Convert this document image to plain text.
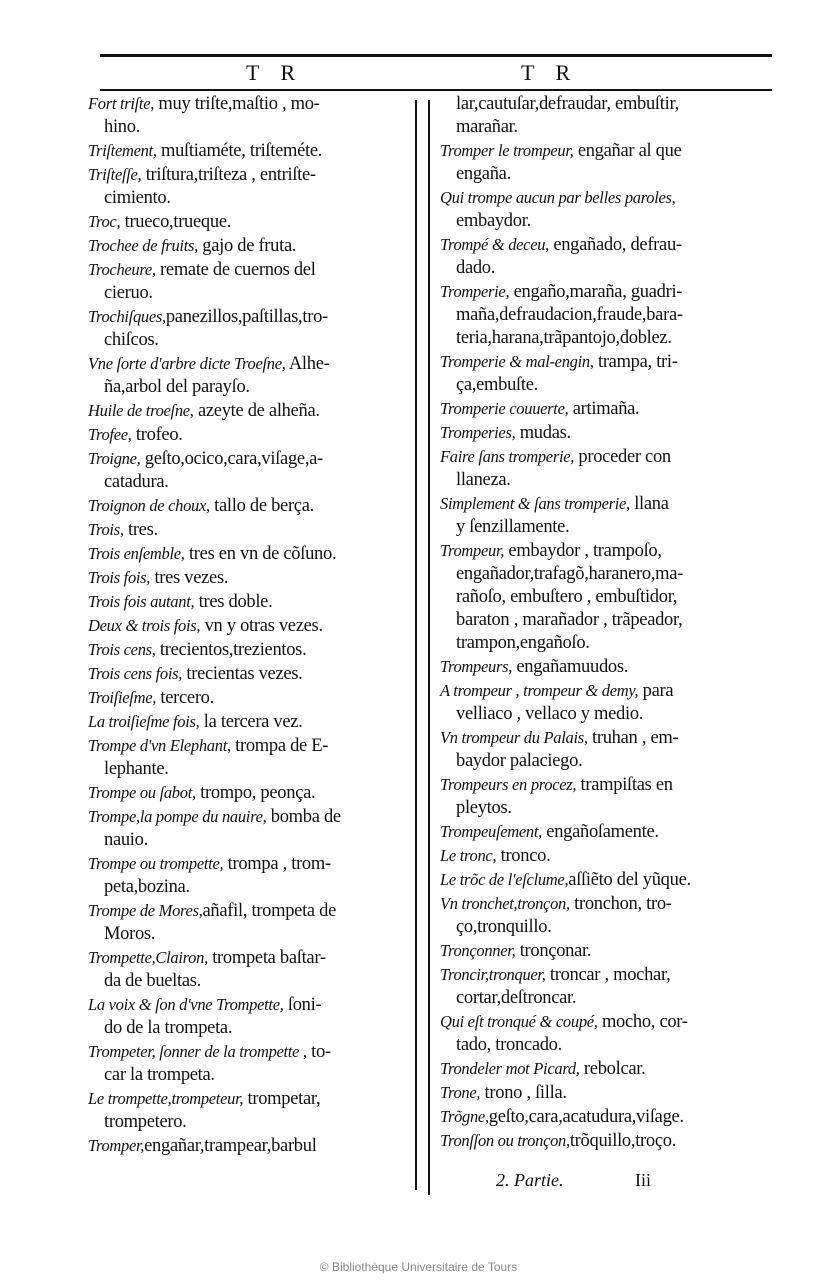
T R	T R
Fort triſte, muy triſte,maſtio , mo-
hino.
Triſtement, muſtiaméte, triſteméte.
Triſteſſe, triſtura,triſteza , entriſte-
cimiento.
Troc, trueco,trueque.
Trochee de fruits, gajo de fruta.
Trocheure, remate de cuernos del
cieruo.
Trochiſques,panezillos,paſtillas,tro-
chiſcos.
Vne ſorte d'arbre dicte Troeſne, Alhe-
ña,arbol del parayſo.
Huile de troeſne, azeyte de alheña.
Trofee, trofeo.
Troigne, geſto,ocico,cara,viſage,a-
catadura.
Troignon de choux, tallo de berça.
Trois, tres.
Trois enſemble, tres en vn de cõſuno.
Trois fois, tres vezes.
Trois fois autant, tres doble.
Deux & trois fois, vn y otras vezes.
Trois cens, trecientos,trezientos.
Trois cens fois, trecientas vezes.
Troiſieſme, tercero.
La troiſieſme fois, la tercera vez.
Trompe d'vn Elephant, trompa de E-
lephante.
Trompe ou ſabot, trompo, peonça.
Trompe,la pompe du nauire, bomba de
nauio.
Trompe ou trompette, trompa , trom-
peta,bozina.
Trompe de Mores,añafil, trompeta de
Moros.
Trompette,Clairon, trompeta baſtar-
da de bueltas.
La voix & ſon d'vne Trompette, ſoni-
do de la trompeta.
Trompeter, ſonner de la trompette , to-
car la trompeta.
Le trompette,trompeteur, trompetar,
trompetero.
Tromper,engañar,trampear,barbul
lar,cautuſar,defraudar, embuſtir,
marañar.
Tromper le trompeur, engañar al que
engaña.
Qui trompe aucun par belles paroles,
embaydor.
Trompé & deceu, engañado, defrau-
dado.
Tromperie, engaño,maraña, guadri-
maña,defraudacion,fraude,bara-
teria,harana,trãpantojo,doblez.
Tromperie & mal-engin, trampa, tri-
ça,embuſte.
Tromperie couuerte, artimaña.
Tromperies, mudas.
Faire ſans tromperie, proceder con
llaneza.
Simplement & ſans tromperie, llana
y ſenzillamente.
Trompeur, embaydor , trampoſo,
engañador,trafagõ,haranero,ma-
rañoſo, embuſtero , embuſtidor,
baraton , marañador , trãpeador,
trampon,engañoſo.
Trompeurs, engañamuudos.
A trompeur , trompeur & demy, para
velliaco , vellaco y medio.
Vn trompeur du Palais, truhan , em-
baydor palaciego.
Trompeurs en procez, trampiſtas en
pleytos.
Trompeuſement, engañoſamente.
Le tronc, tronco.
Le trõc de l'eſclume,aſſiẽto del yũque.
Vn tronchet,tronçon, tronchon, tro-
ço,tronquillo.
Tronçonner, tronçonar.
Troncir,tronquer, troncar , mochar,
cortar,deſtroncar.
Qui eſt tronqué & coupé, mocho, cor-
tado, troncado.
Trondeler mot Picard, rebolcar.
Trone, trono , ſilla.
Trõgne,geſto,cara,acatudura,viſage.
Tronſſon ou tronçon,trõquillo,troço.
2. Partie.	Iii
© Bibliothèque Universitaire de Tours
